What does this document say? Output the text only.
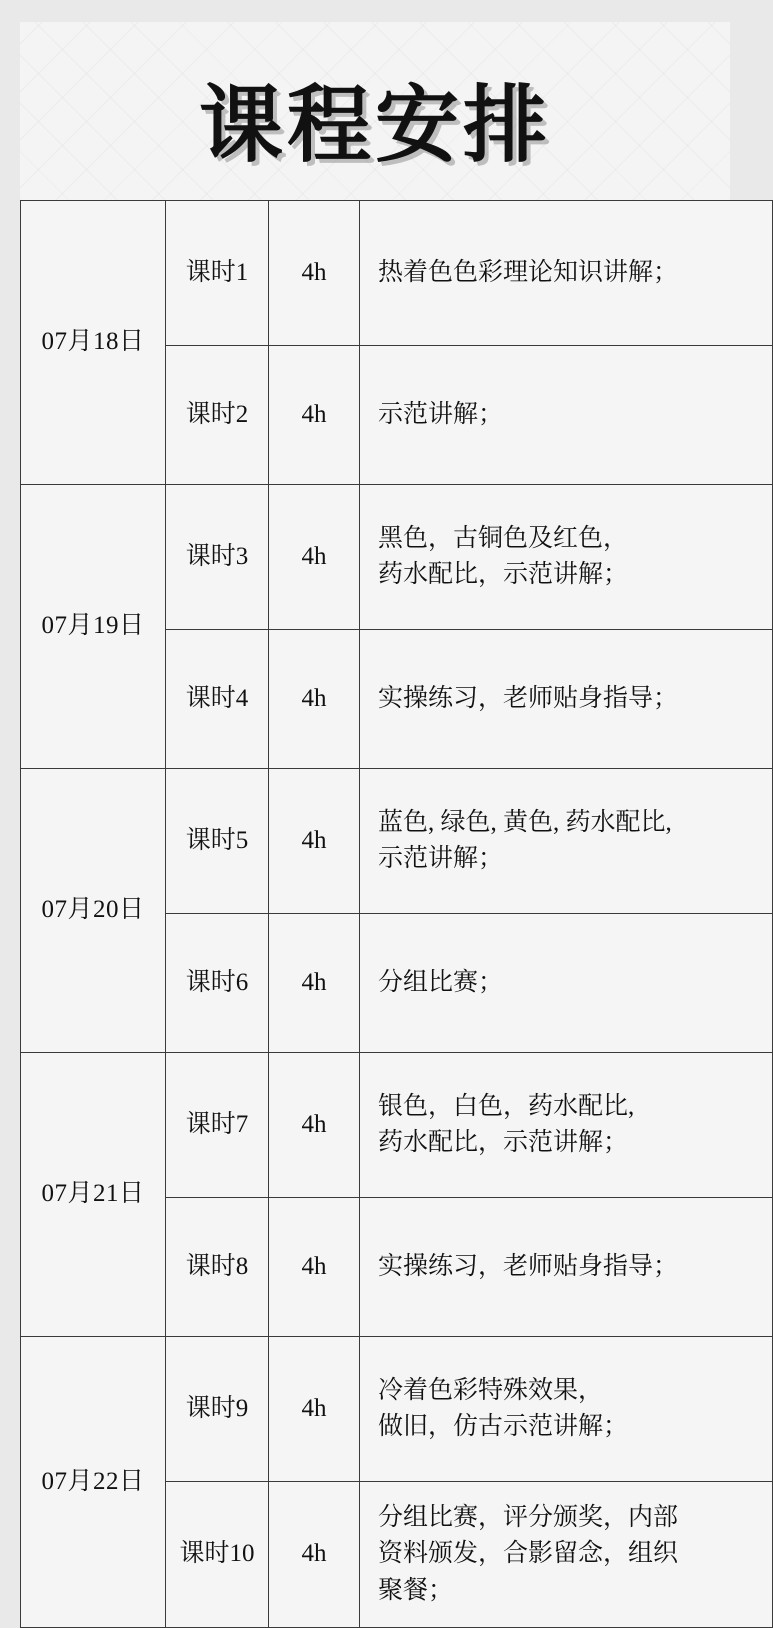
课程安排
07月18日	课时1	4h	热着色色彩理论知识讲解；

	课时2	4h	示范讲解；

07月19日	课时3	4h	黑色，古铜色及红色，
药水配比，示范讲解；

	课时4	4h	实操练习，老师贴身指导；

07月20日	课时5	4h	蓝色, 绿色, 黄色, 药水配比,
示范讲解；

	课时6	4h	分组比赛；

07月21日	课时7	4h	银色，白色，药水配比,
药水配比，示范讲解；

	课时8	4h	实操练习，老师贴身指导；

07月22日	课时9	4h	冷着色彩特殊效果，
做旧，仿古示范讲解；

	课时10	4h	分组比赛，评分颁奖，内部
资料颁发，合影留念，组织
聚餐；
